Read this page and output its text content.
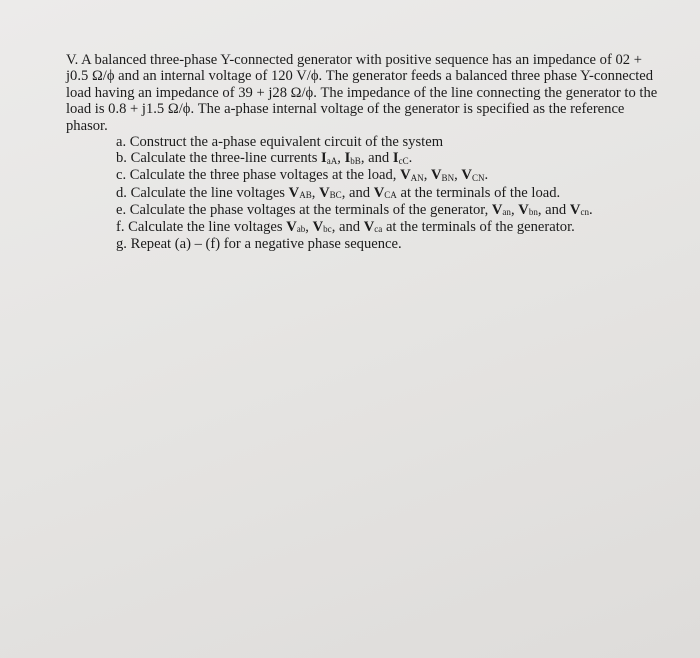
V. A balanced three-phase Y-connected generator with positive sequence has an impedance of 02 + j0.5 Ω/ϕ and an internal voltage of 120 V/ϕ. The generator feeds a balanced three phase Y-connected load having an impedance of 39 + j28 Ω/ϕ. The impedance of the line connecting the generator to the load is 0.8 + j1.5 Ω/ϕ. The a-phase internal voltage of the generator is specified as the reference phasor.

a. Construct the a-phase equivalent circuit of the system
b. Calculate the three-line currents $I_{aA}$, $I_{bB}$, and $I_{cC}$.
c. Calculate the three phase voltages at the load, $V_{AN}$, $V_{BN}$, $V_{CN}$.
d. Calculate the line voltages $V_{AB}$, $V_{BC}$, and $V_{CA}$ at the terminals of the load.
e. Calculate the phase voltages at the terminals of the generator, $V_{an}$, $V_{bn}$, and $V_{cn}$.
f. Calculate the line voltages $V_{ab}$, $V_{bc}$, and $V_{ca}$ at the terminals of the generator.
g. Repeat (a) – (f) for a negative phase sequence.
